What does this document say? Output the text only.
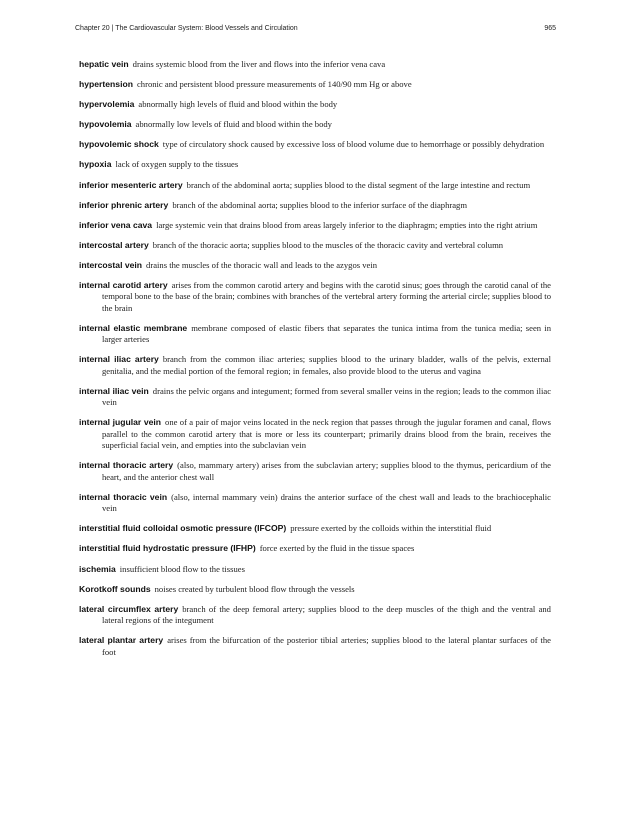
Chapter 20 | The Cardiovascular System: Blood Vessels and Circulation	965

hepatic vein drains systemic blood from the liver and flows into the inferior vena cava

hypertension chronic and persistent blood pressure measurements of 140/90 mm Hg or above

hypervolemia abnormally high levels of fluid and blood within the body

hypovolemia abnormally low levels of fluid and blood within the body

hypovolemic shock type of circulatory shock caused by excessive loss of blood volume due to hemorrhage or possibly dehydration

hypoxia lack of oxygen supply to the tissues

inferior mesenteric artery branch of the abdominal aorta; supplies blood to the distal segment of the large intestine and rectum

inferior phrenic artery branch of the abdominal aorta; supplies blood to the inferior surface of the diaphragm

inferior vena cava large systemic vein that drains blood from areas largely inferior to the diaphragm; empties into the right atrium

intercostal artery branch of the thoracic aorta; supplies blood to the muscles of the thoracic cavity and vertebral column

intercostal vein drains the muscles of the thoracic wall and leads to the azygos vein

internal carotid artery arises from the common carotid artery and begins with the carotid sinus; goes through the carotid canal of the temporal bone to the base of the brain; combines with branches of the vertebral artery forming the arterial circle; supplies blood to the brain

internal elastic membrane membrane composed of elastic fibers that separates the tunica intima from the tunica media; seen in larger arteries

internal iliac artery branch from the common iliac arteries; supplies blood to the urinary bladder, walls of the pelvis, external genitalia, and the medial portion of the femoral region; in females, also provide blood to the uterus and vagina

internal iliac vein drains the pelvic organs and integument; formed from several smaller veins in the region; leads to the common iliac vein

internal jugular vein one of a pair of major veins located in the neck region that passes through the jugular foramen and canal, flows parallel to the common carotid artery that is more or less its counterpart; primarily drains blood from the brain, receives the superficial facial vein, and empties into the subclavian vein

internal thoracic artery (also, mammary artery) arises from the subclavian artery; supplies blood to the thymus, pericardium of the heart, and the anterior chest wall

internal thoracic vein (also, internal mammary vein) drains the anterior surface of the chest wall and leads to the brachiocephalic vein

interstitial fluid colloidal osmotic pressure (IFCOP) pressure exerted by the colloids within the interstitial fluid

interstitial fluid hydrostatic pressure (IFHP) force exerted by the fluid in the tissue spaces

ischemia insufficient blood flow to the tissues

Korotkoff sounds noises created by turbulent blood flow through the vessels

lateral circumflex artery branch of the deep femoral artery; supplies blood to the deep muscles of the thigh and the ventral and lateral regions of the integument

lateral plantar artery arises from the bifurcation of the posterior tibial arteries; supplies blood to the lateral plantar surfaces of the foot
